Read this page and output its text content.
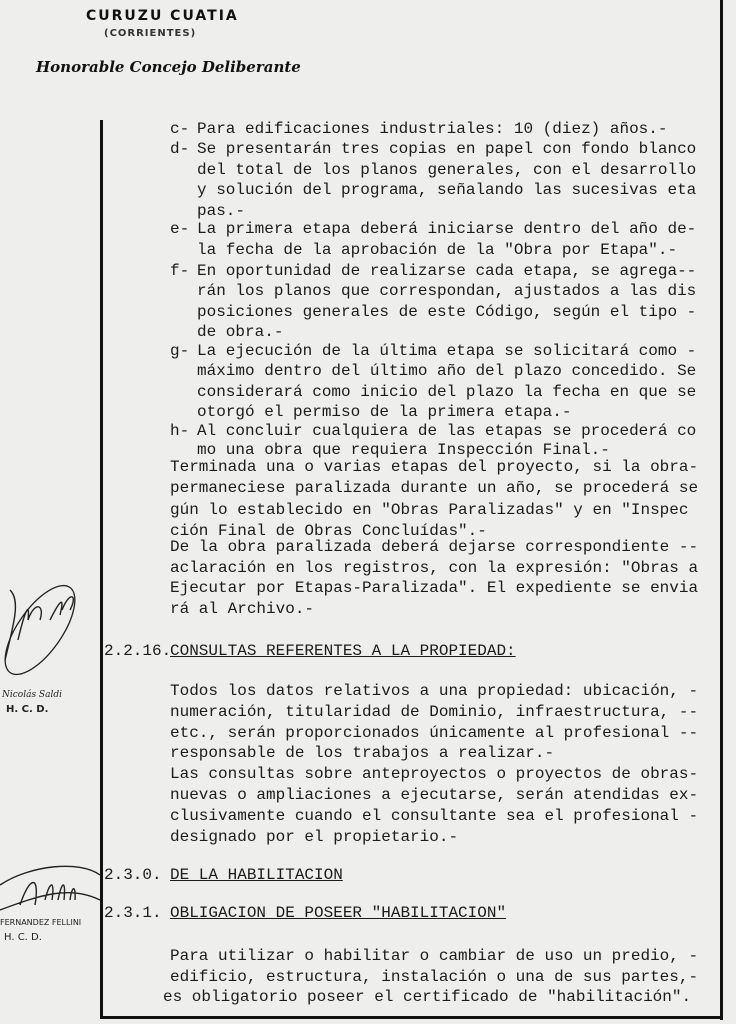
CURUZU CUATIA
(CORRIENTES)
Honorable Concejo Deliberante
Nicolás Saldi
H. C. D.
FERNANDEZ FELLINI
H. C. D.
c- Para edificaciones industriales: 10 (diez) años.-
d- Se presentarán tres copias en papel con fondo blanco
del total de los planos generales, con el desarrollo
y solución del programa, señalando las sucesivas eta
pas.-
e- La primera etapa deberá iniciarse dentro del año de-
la fecha de la aprobación de la "Obra por Etapa".-
f- En oportunidad de realizarse cada etapa, se agrega--
rán los planos que correspondan, ajustados a las dis
posiciones generales de este Código, según el tipo -
de obra.-
g- La ejecución de la última etapa se solicitará como -
máximo dentro del último año del plazo concedido. Se
considerará como inicio del plazo la fecha en que se
otorgó el permiso de la primera etapa.-
h- Al concluir cualquiera de las etapas se procederá co
mo una obra que requiera Inspección Final.-
Terminada una o varias etapas del proyecto, si la obra-
permaneciese paralizada durante un año, se procederá se
gún lo establecido en "Obras Paralizadas" y en "Inspec
ción Final de Obras Concluídas".-
De la obra paralizada deberá dejarse correspondiente --
aclaración en los registros, con la expresión: "Obras a
Ejecutar por Etapas-Paralizada". El expediente se envia
rá al Archivo.-
2.2.16.
CONSULTAS REFERENTES A LA PROPIEDAD:
Todos los datos relativos a una propiedad: ubicación, -
numeración, titularidad de Dominio, infraestructura, --
etc., serán proporcionados únicamente al profesional --
responsable de los trabajos a realizar.-
Las consultas sobre anteproyectos o proyectos de obras-
nuevas o ampliaciones a ejecutarse, serán atendidas ex-
clusivamente cuando el consultante sea el profesional -
designado por el propietario.-
2.3.0. DE LA HABILITACION
2.3.1. OBLIGACION DE POSEER "HABILITACION"
Para utilizar o habilitar o cambiar de uso un predio, -
edificio, estructura, instalación o una de sus partes,-
es obligatorio poseer el certificado de "habilitación".
